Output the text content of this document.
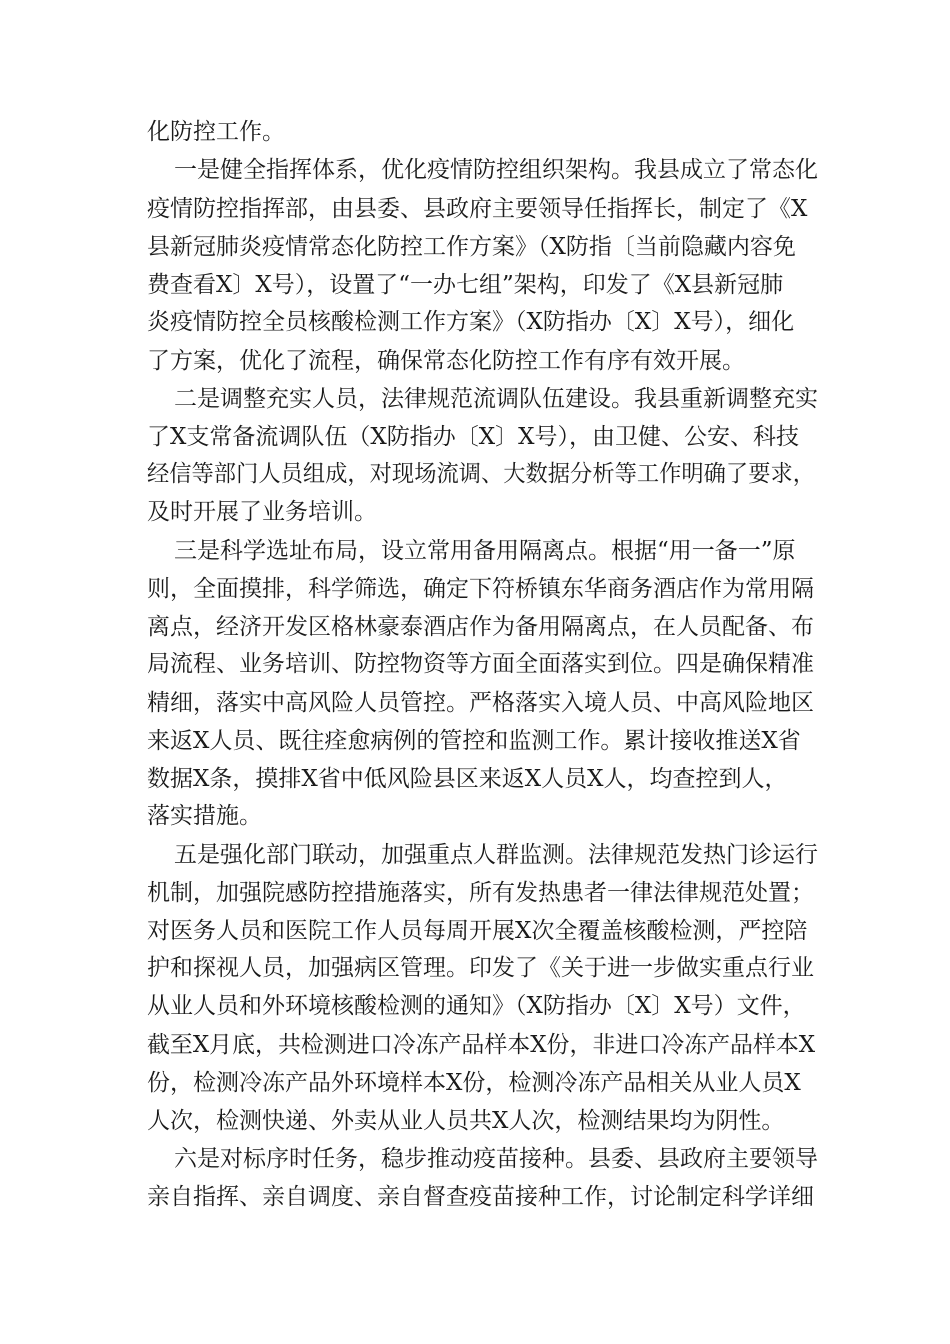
化防控工作。
一是健全指挥体系，优化疫情防控组织架构。我县成立了常态化
疫情防控指挥部，由县委、县政府主要领导任指挥长，制定了《X
县新冠肺炎疫情常态化防控工作方案》（X防指〔当前隐藏内容免
费查看X〕X号），设置了“一办七组”架构，印发了《X县新冠肺
炎疫情防控全员核酸检测工作方案》（X防指办〔X〕X号），细化
了方案，优化了流程，确保常态化防控工作有序有效开展。
二是调整充实人员，法律规范流调队伍建设。我县重新调整充实
了X支常备流调队伍（X防指办〔X〕X号），由卫健、公安、科技
经信等部门人员组成，对现场流调、大数据分析等工作明确了要求，
及时开展了业务培训。
三是科学选址布局，设立常用备用隔离点。根据“用一备一”原
则，全面摸排，科学筛选，确定下符桥镇东华商务酒店作为常用隔
离点，经济开发区格林豪泰酒店作为备用隔离点，在人员配备、布
局流程、业务培训、防控物资等方面全面落实到位。四是确保精准
精细，落实中高风险人员管控。严格落实入境人员、中高风险地区
来返X人员、既往痊愈病例的管控和监测工作。累计接收推送X省
数据X条，摸排X省中低风险县区来返X人员X人，均查控到人，
落实措施。
五是强化部门联动，加强重点人群监测。法律规范发热门诊运行
机制，加强院感防控措施落实，所有发热患者一律法律规范处置；
对医务人员和医院工作人员每周开展X次全覆盖核酸检测，严控陪
护和探视人员，加强病区管理。印发了《关于进一步做实重点行业
从业人员和外环境核酸检测的通知》（X防指办〔X〕X号）文件，
截至X月底，共检测进口冷冻产品样本X份，非进口冷冻产品样本X
份，检测冷冻产品外环境样本X份，检测冷冻产品相关从业人员X
人次，检测快递、外卖从业人员共X人次，检测结果均为阴性。
六是对标序时任务，稳步推动疫苗接种。县委、县政府主要领导
亲自指挥、亲自调度、亲自督查疫苗接种工作，讨论制定科学详细
